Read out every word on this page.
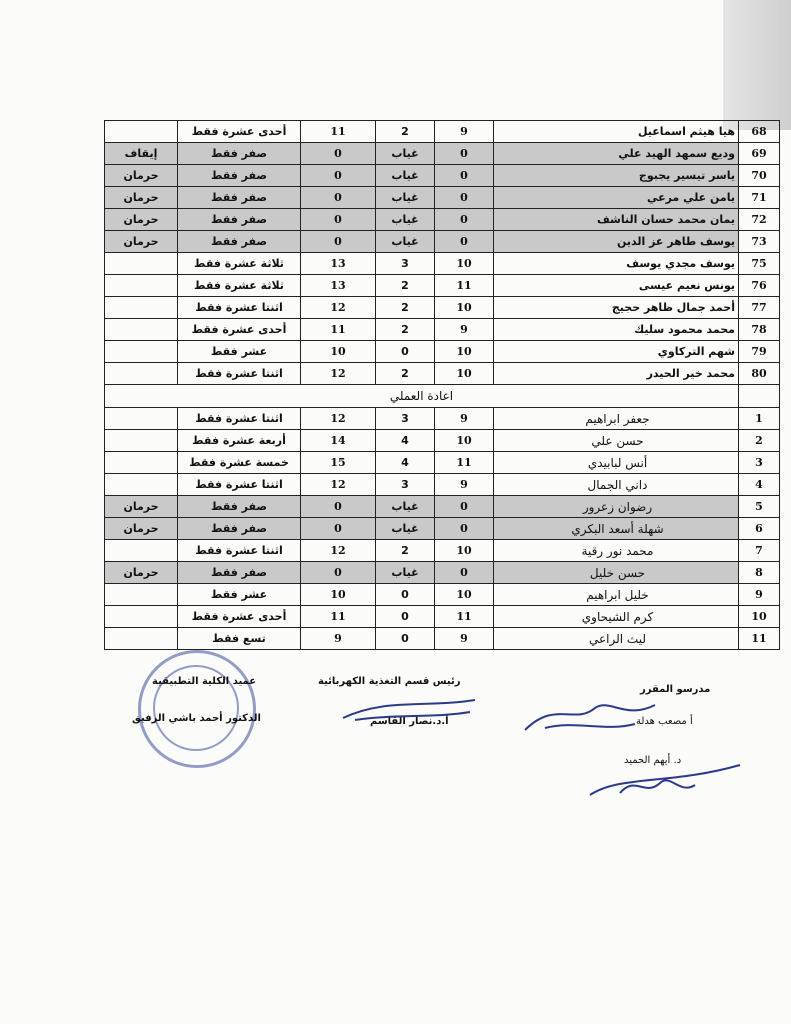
	أحدى عشرة فقط	11	2	9	هيا هيثم اسماعيل	68
إيقاف	صفر فقط	0	غياب	0	وديع سمهد الهيد علي	69
حرمان	صفر فقط	0	غياب	0	ياسر تيسير يجبوج	70
حرمان	صفر فقط	0	غياب	0	يامن علي مرعي	71
حرمان	صفر فقط	0	غياب	0	يمان محمد حسان الناشف	72
حرمان	صفر فقط	0	غياب	0	يوسف طاهر عز الدين	73
	ثلاثة عشرة فقط	13	3	10	يوسف مجدي يوسف	75
	ثلاثة عشرة فقط	13	2	11	يونس نعيم عيسى	76
	اثنتا عشرة فقط	12	2	10	أحمد جمال ظاهر حجيج	77
	أحدى عشرة فقط	11	2	9	محمد محمود سليك	78
	عشر فقط	10	0	10	شهم التركاوي	79
	اثنتا عشرة فقط	12	2	10	محمد خير الحيدر	80
اعادة العملي						
	اثنتا عشرة فقط	12	3	9	جعفر ابراهيم	1
	أربعة عشرة فقط	14	4	10	حسن علي	2
	خمسة عشرة فقط	15	4	11	أنس لبابيدي	3
	اثنتا عشرة فقط	12	3	9	داني الجمال	4
حرمان	صفر فقط	0	غياب	0	رضوان زعرور	5
حرمان	صفر فقط	0	غياب	0	شهلة أسعد البكري	6
	اثنتا عشرة فقط	12	2	10	محمد نور رقية	7
حرمان	صفر فقط	0	غياب	0	حسن خليل	8
	عشر فقط	10	0	10	خليل ابراهيم	9
	أحدى عشرة فقط	11	0	11	كرم الشيحاوي	10
	تسع فقط	9	0	9	ليث الراعي	11
مدرسو المقرر
أ مصعب هدلة
د. أيهم الحميد
رئيس قسم التغذية الكهربائية
أ.د.نصار القاسم
عميد الكلية التطبيقية
الدكتور أحمد باشي الرفيق
